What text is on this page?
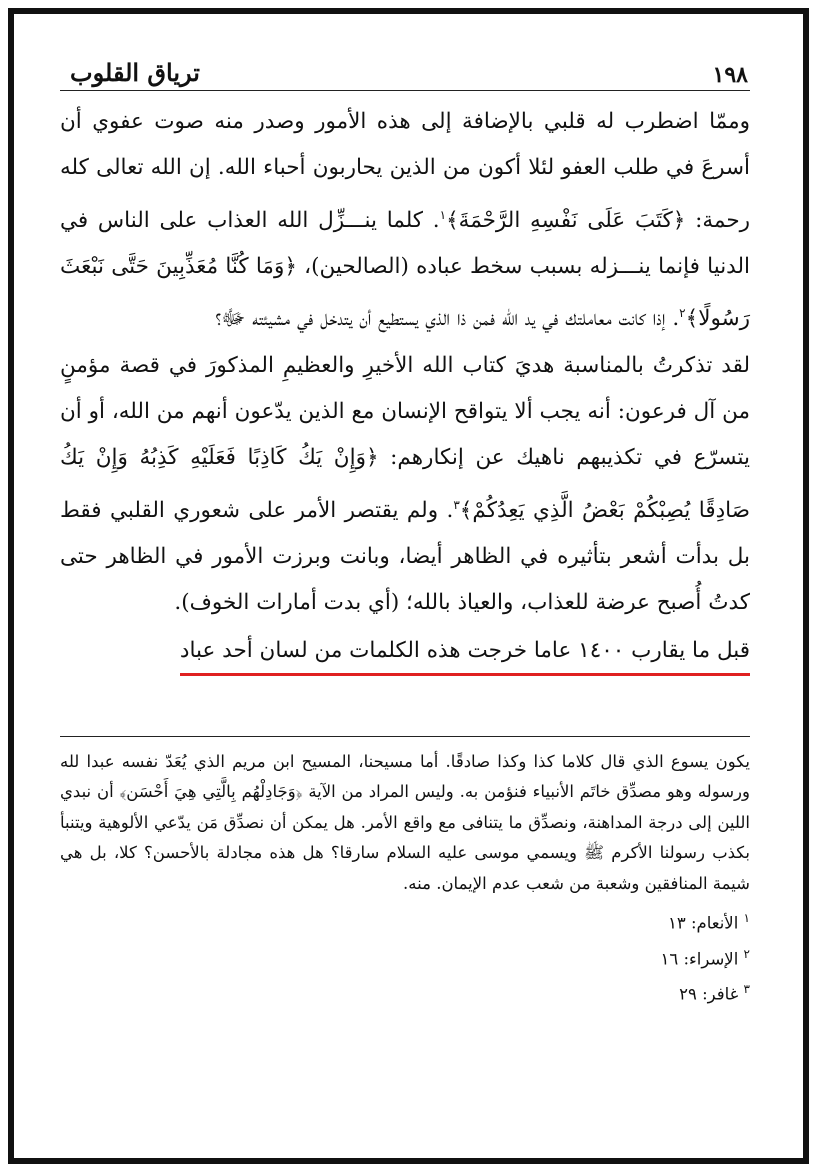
١٩٨
ترياق القلوب

وممّا اضطرب له قلبي بالإضافة إلى هذه الأمور وصدر منه صوت عفوي أن أسرعَ في طلب العفو لئلا أكون من الذين يحاربون أحباء الله. إن الله تعالى كله رحمة: ﴿كَتَبَ عَلَى نَفْسِهِ الرَّحْمَةَ﴾$^١$. كلما ينـــزِّل الله العذاب على الناس في الدنيا فإنما ينـــزله بسبب سخط عباده (الصالحين)، ﴿وَمَا كُنَّا مُعَذِّبِينَ حَتَّى نَبْعَثَ رَسُولًا﴾$^٢$. إذا كانت معاملتك في يد الله فمن ذا الذي يستطيع أن يتدخل في مشيئته ﷻ؟

لقد تذكرتُ بالمناسبة هديَ كتاب الله الأخيرِ والعظيمِ المذكورَ في قصة مؤمنٍ من آل فرعون: أنه يجب ألا يتواقح الإنسان مع الذين يدّعون أنهم من الله، أو أن يتسرّع في تكذيبهم ناهيك عن إنكارهم: ﴿وَإِنْ يَكُ كَاذِبًا فَعَلَيْهِ كَذِبُهُ وَإِنْ يَكُ صَادِقًا يُصِبْكُمْ بَعْضُ الَّذِي يَعِدُكُمْ﴾$^٣$. ولم يقتصر الأمر على شعوري القلبي فقط بل بدأت أشعر بتأثيره في الظاهر أيضا، وبانت وبرزت الأمور في الظاهر حتى كدتُ أُصبح عرضة للعذاب، والعياذ بالله؛ (أي بدت أمارات الخوف).

قبل ما يقارب ١٤٠٠ عاما خرجت هذه الكلمات من لسان أحد عباد

يكون يسوع الذي قال كلاما كذا وكذا صادقًا. أما مسيحنا، المسيح ابن مريم الذي يُعَدّ نفسه عبدا لله ورسوله وهو مصدِّق خاتَم الأنبياء فنؤمن به. وليس المراد من الآية ﴿وَجَادِلْهُم بِالَّتِي هِيَ أَحْسَن﴾ أن نبدي اللين إلى درجة المداهنة، ونصدِّق ما يتنافى مع واقع الأمر. هل يمكن أن نصدِّق مَن يدّعي الألوهية ويتنبأ بكذب رسولنا الأكرم ﷺ ويسمي موسى عليه السلام سارقا؟ هل هذه مجادلة بالأحسن؟ كلا، بل هي شيمة المنافقين وشعبة من شعب عدم الإيمان. منه.

$^١$ الأنعام: ١٣
$^٢$ الإسراء: ١٦
$^٣$ غافر: ٢٩
